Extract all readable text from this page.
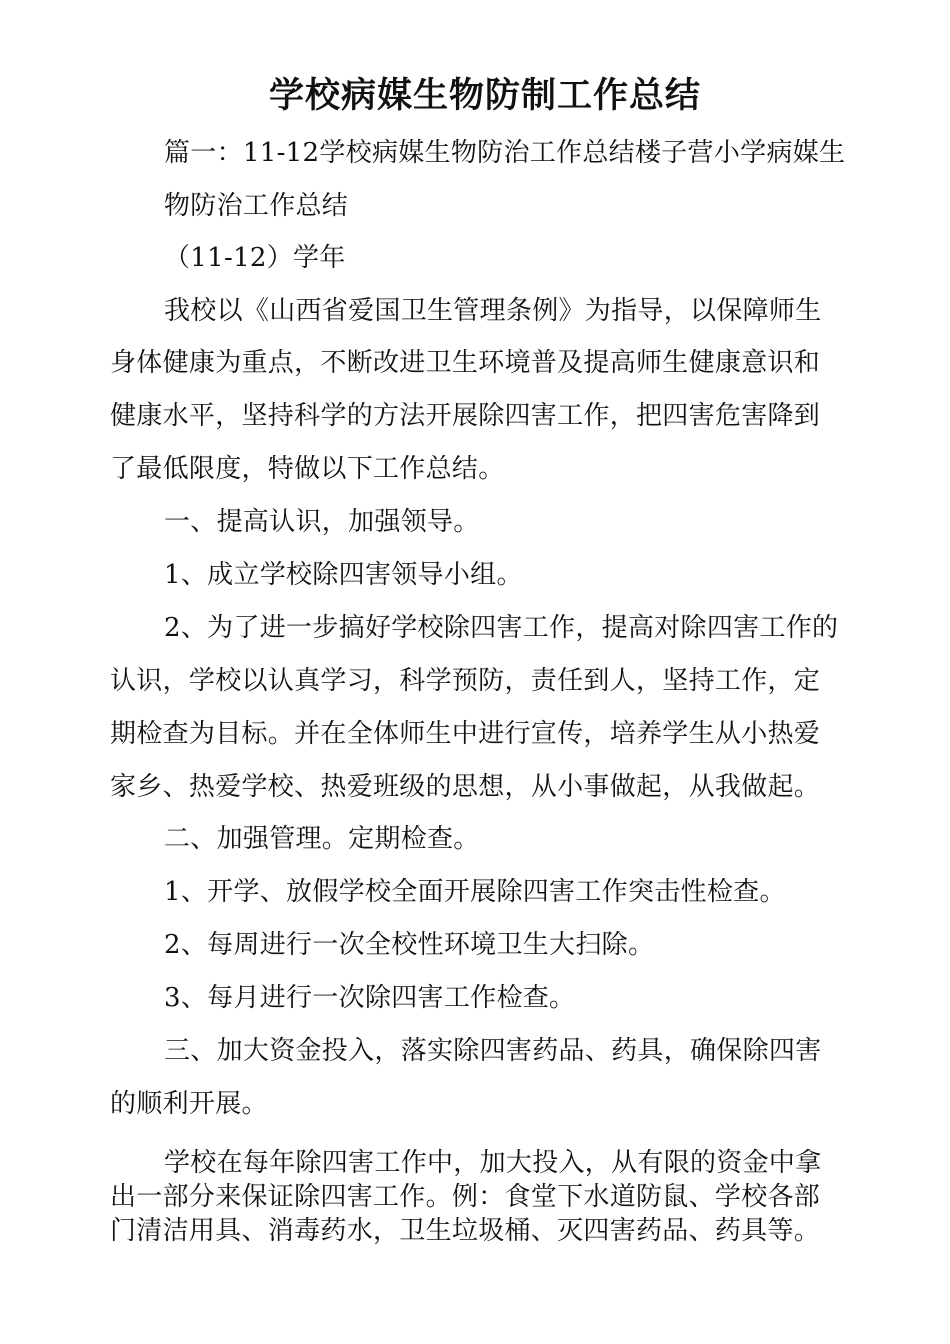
学校病媒生物防制工作总结
篇一：11-12学校病媒生物防治工作总结楼子营小学病媒生
物防治工作总结
（11-12）学年
我校以《山西省爱国卫生管理条例》为指导，以保障师生
身体健康为重点，不断改进卫生环境普及提高师生健康意识和
健康水平，坚持科学的方法开展除四害工作，把四害危害降到
了最低限度，特做以下工作总结。
一、提高认识，加强领导。
1、成立学校除四害领导小组。
2、为了进一步搞好学校除四害工作，提高对除四害工作的
认识，学校以认真学习，科学预防，责任到人，坚持工作，定
期检查为目标。并在全体师生中进行宣传，培养学生从小热爱
家乡、热爱学校、热爱班级的思想，从小事做起，从我做起。
二、加强管理。定期检查。
1、开学、放假学校全面开展除四害工作突击性检查。
2、每周进行一次全校性环境卫生大扫除。
3、每月进行一次除四害工作检查。
三、加大资金投入，落实除四害药品、药具，确保除四害
的顺利开展。
学校在每年除四害工作中，加大投入，从有限的资金中拿
出一部分来保证除四害工作。例：食堂下水道防鼠、学校各部
门清洁用具、消毒药水，卫生垃圾桶、灭四害药品、药具等。
